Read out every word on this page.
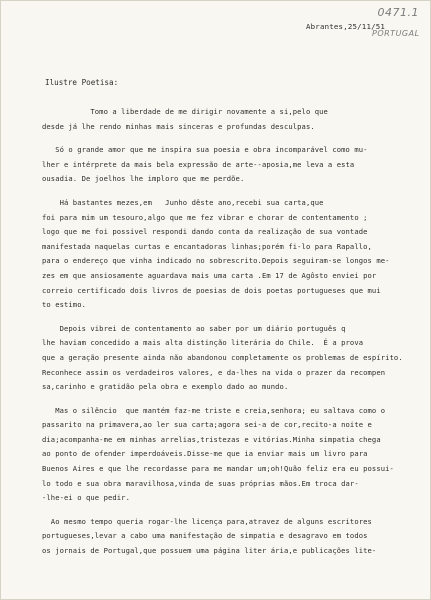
0471.1
Abrantes,25/11/51
PORTUGAL
Ilustre Poetisa:
Tomo a liberdade de me dirigir novamente a si,pelo que
desde já lhe rendo minhas mais sinceras e profundas desculpas.
Só o grande amor que me inspira sua poesia e obra incomparável como mu-
lher e intérprete da mais bela expressão de arte--aposia,me leva a esta
ousadia. De joelhos lhe imploro que me perdõe.
Há bastantes mezes,em   Junho dêste ano,recebi sua carta,que
foi para mim um tesouro,algo que me fez vibrar e chorar de contentamento ;
logo que me foi possivel respondi dando conta da realização de sua vontade
manifestada naquelas curtas e encantadoras linhas;porém fi-lo para Rapallo,
para o endereço que vinha indicado no sobrescrito.Depois seguiram-se longos me-
zes em que ansiosamente aguardava mais uma carta .Em 17 de Agôsto enviei por
correio certificado dois livros de poesias de dois poetas portugueses que mui
to estimo.
Depois vibrei de contentamento ao saber por um diário português q
lhe haviam concedido a mais alta distinção literária do Chile.  É a prova
que a geração presente ainda não abandonou completamente os problemas de espírito.
Reconhece assim os verdadeiros valores, e da-lhes na vida o prazer da recompen
sa,carinho e gratidão pela obra e exemplo dado ao mundo.
Mas o silêncio  que mantém faz-me triste e creia,senhora; eu saltava como o
passarito na primavera,ao ler sua carta;agora sei-a de cor,recito-a noite e
dia;acompanha-me em minhas arrelias,tristezas e vitórias.Minha simpatia chega
ao ponto de ofender imperdoáveis.Disse-me que ia enviar mais um livro para
Buenos Aires e que lhe recordasse para me mandar um;oh!Quão feliz era eu possui-
lo todo e sua obra maravilhosa,vinda de suas próprias mãos.Em troca dar-
-lhe-ei o que pedir.
Ao mesmo tempo queria rogar-lhe licença para,atravez de alguns escritores
portugueses,levar a cabo uma manifestação de simpatia e desagravo em todos
os jornais de Portugal,que possuem uma página liter ária,e publicações lite-
